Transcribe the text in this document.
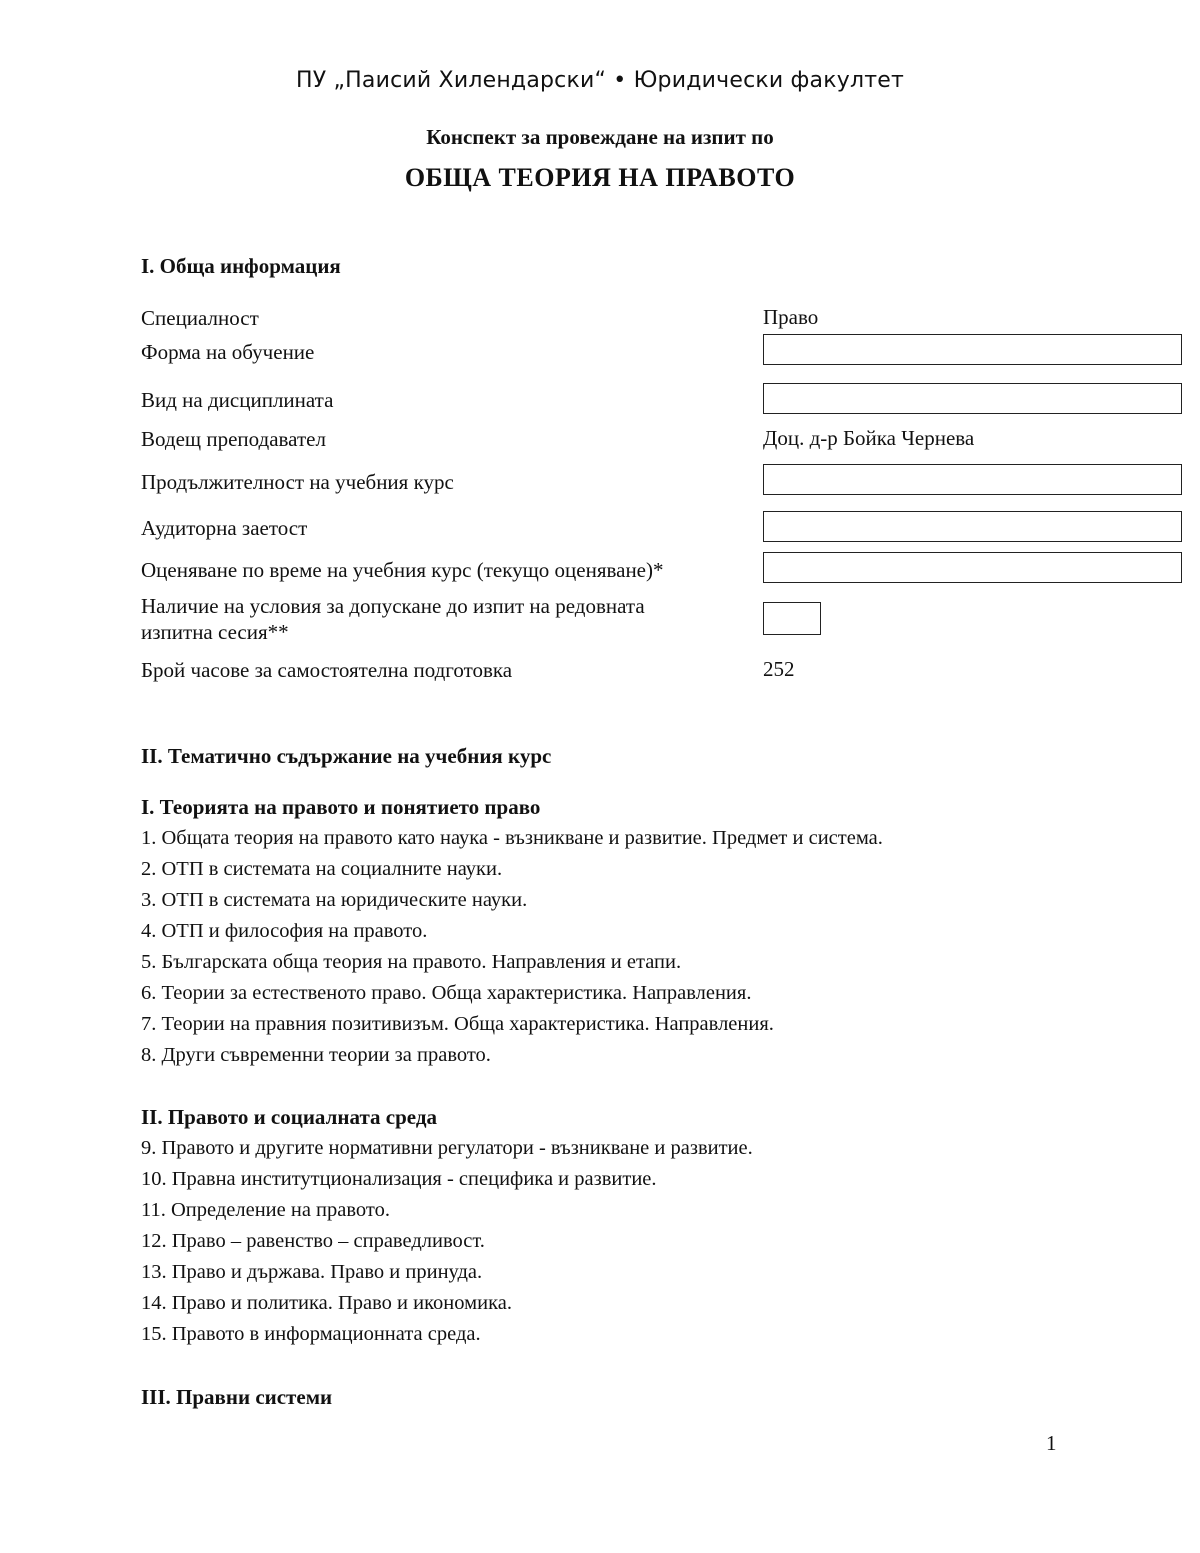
ПУ „Паисий Хилендарски“ • Юридически факултет
Конспект за провеждане на изпит по
ОБЩА ТЕОРИЯ НА ПРАВОТО
I. Обща информация
Специалност	Право
Форма на обучение
Вид на дисциплината
Водещ преподавател	Доц. д-р Бойка Чернева
Продължителност на учебния курс
Аудиторна заетост
Оценяване по време на учебния курс (текущо оценяване)*
Наличие на условия за допускане до изпит на редовната изпитна сесия**
Брой часове за самостоятелна подготовка	252
II. Тематично съдържание на учебния курс
I. Теорията на правото и понятието право
1. Общата теория на правото като наука - възникване и развитие. Предмет и система.
2. ОТП в системата на социалните науки.
3. ОТП в системата на юридическите науки.
4. ОТП и философия на правото.
5. Българската обща теория на правото. Направления и етапи.
6. Теории за естественото право. Обща характеристика. Направления.
7. Теории на правния позитивизъм. Обща характеристика. Направления.
8. Други съвременни теории за правото.
II. Правото и социалната среда
9. Правото и другите нормативни регулатори - възникване и развитие.
10. Правна институтционализация - специфика и развитие.
11. Определение на правото.
12. Право – равенство – справедливост.
13. Право и държава. Право и принуда.
14. Право и политика. Право и икономика.
15. Правото в информационната среда.
III. Правни системи
1
